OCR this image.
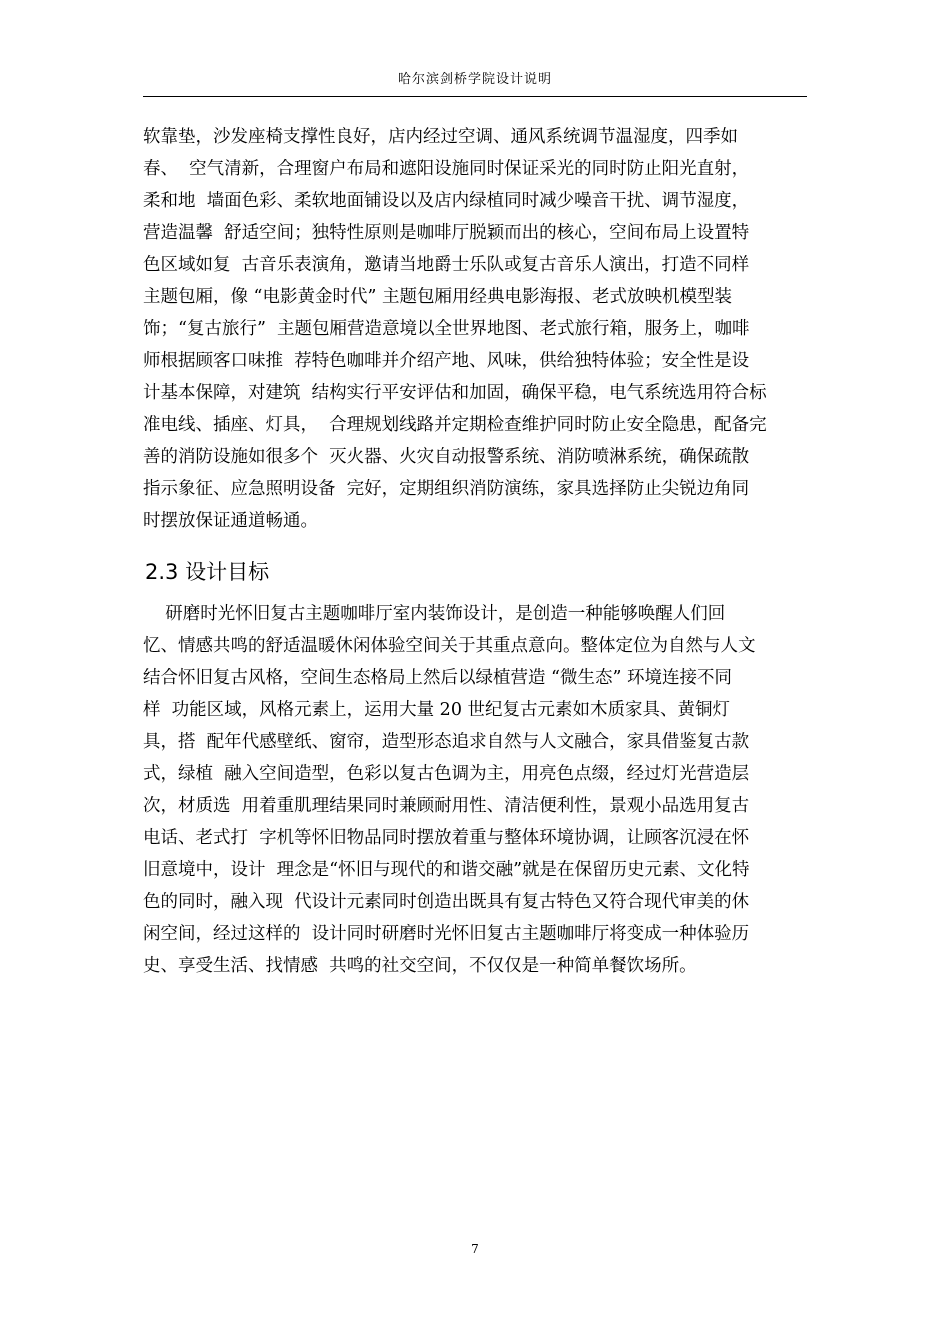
哈尔滨剑桥学院设计说明
软靠垫，沙发座椅支撑性良好，店内经过空调、通风系统调节温湿度，四季如
春、  空气清新，合理窗户布局和遮阳设施同时保证采光的同时防止阳光直射，
柔和地  墙面色彩、柔软地面铺设以及店内绿植同时减少噪音干扰、调节湿度，
营造温馨  舒适空间；独特性原则是咖啡厅脱颖而出的核心，空间布局上设置特
色区域如复  古音乐表演角，邀请当地爵士乐队或复古音乐人演出，打造不同样
主题包厢，像 “电影黄金时代” 主题包厢用经典电影海报、老式放映机模型装
饰；“复古旅行”  主题包厢营造意境以全世界地图、老式旅行箱，服务上，咖啡
师根据顾客口味推  荐特色咖啡并介绍产地、风味，供给独特体验；安全性是设
计基本保障，对建筑  结构实行平安评估和加固，确保平稳，电气系统选用符合标
准电线、插座、灯具，  合理规划线路并定期检查维护同时防止安全隐患，配备完
善的消防设施如很多个  灭火器、火灾自动报警系统、消防喷淋系统，确保疏散
指示象征、应急照明设备  完好，定期组织消防演练，家具选择防止尖锐边角同
时摆放保证通道畅通。
2.3 设计目标
研磨时光怀旧复古主题咖啡厅室内装饰设计，是创造一种能够唤醒人们回
忆、情感共鸣的舒适温暖休闲体验空间关于其重点意向。整体定位为自然与人文
结合怀旧复古风格，空间生态格局上然后以绿植营造 “微生态” 环境连接不同
样  功能区域，风格元素上，运用大量 20 世纪复古元素如木质家具、黄铜灯
具，搭  配年代感壁纸、窗帘，造型形态追求自然与人文融合，家具借鉴复古款
式，绿植  融入空间造型，色彩以复古色调为主，用亮色点缀，经过灯光营造层
次，材质选  用着重肌理结果同时兼顾耐用性、清洁便利性，景观小品选用复古
电话、老式打  字机等怀旧物品同时摆放着重与整体环境协调，让顾客沉浸在怀
旧意境中，设计  理念是“怀旧与现代的和谐交融”就是在保留历史元素、文化特
色的同时，融入现  代设计元素同时创造出既具有复古特色又符合现代审美的休
闲空间，经过这样的  设计同时研磨时光怀旧复古主题咖啡厅将变成一种体验历
史、享受生活、找情感  共鸣的社交空间，不仅仅是一种简单餐饮场所。
7
